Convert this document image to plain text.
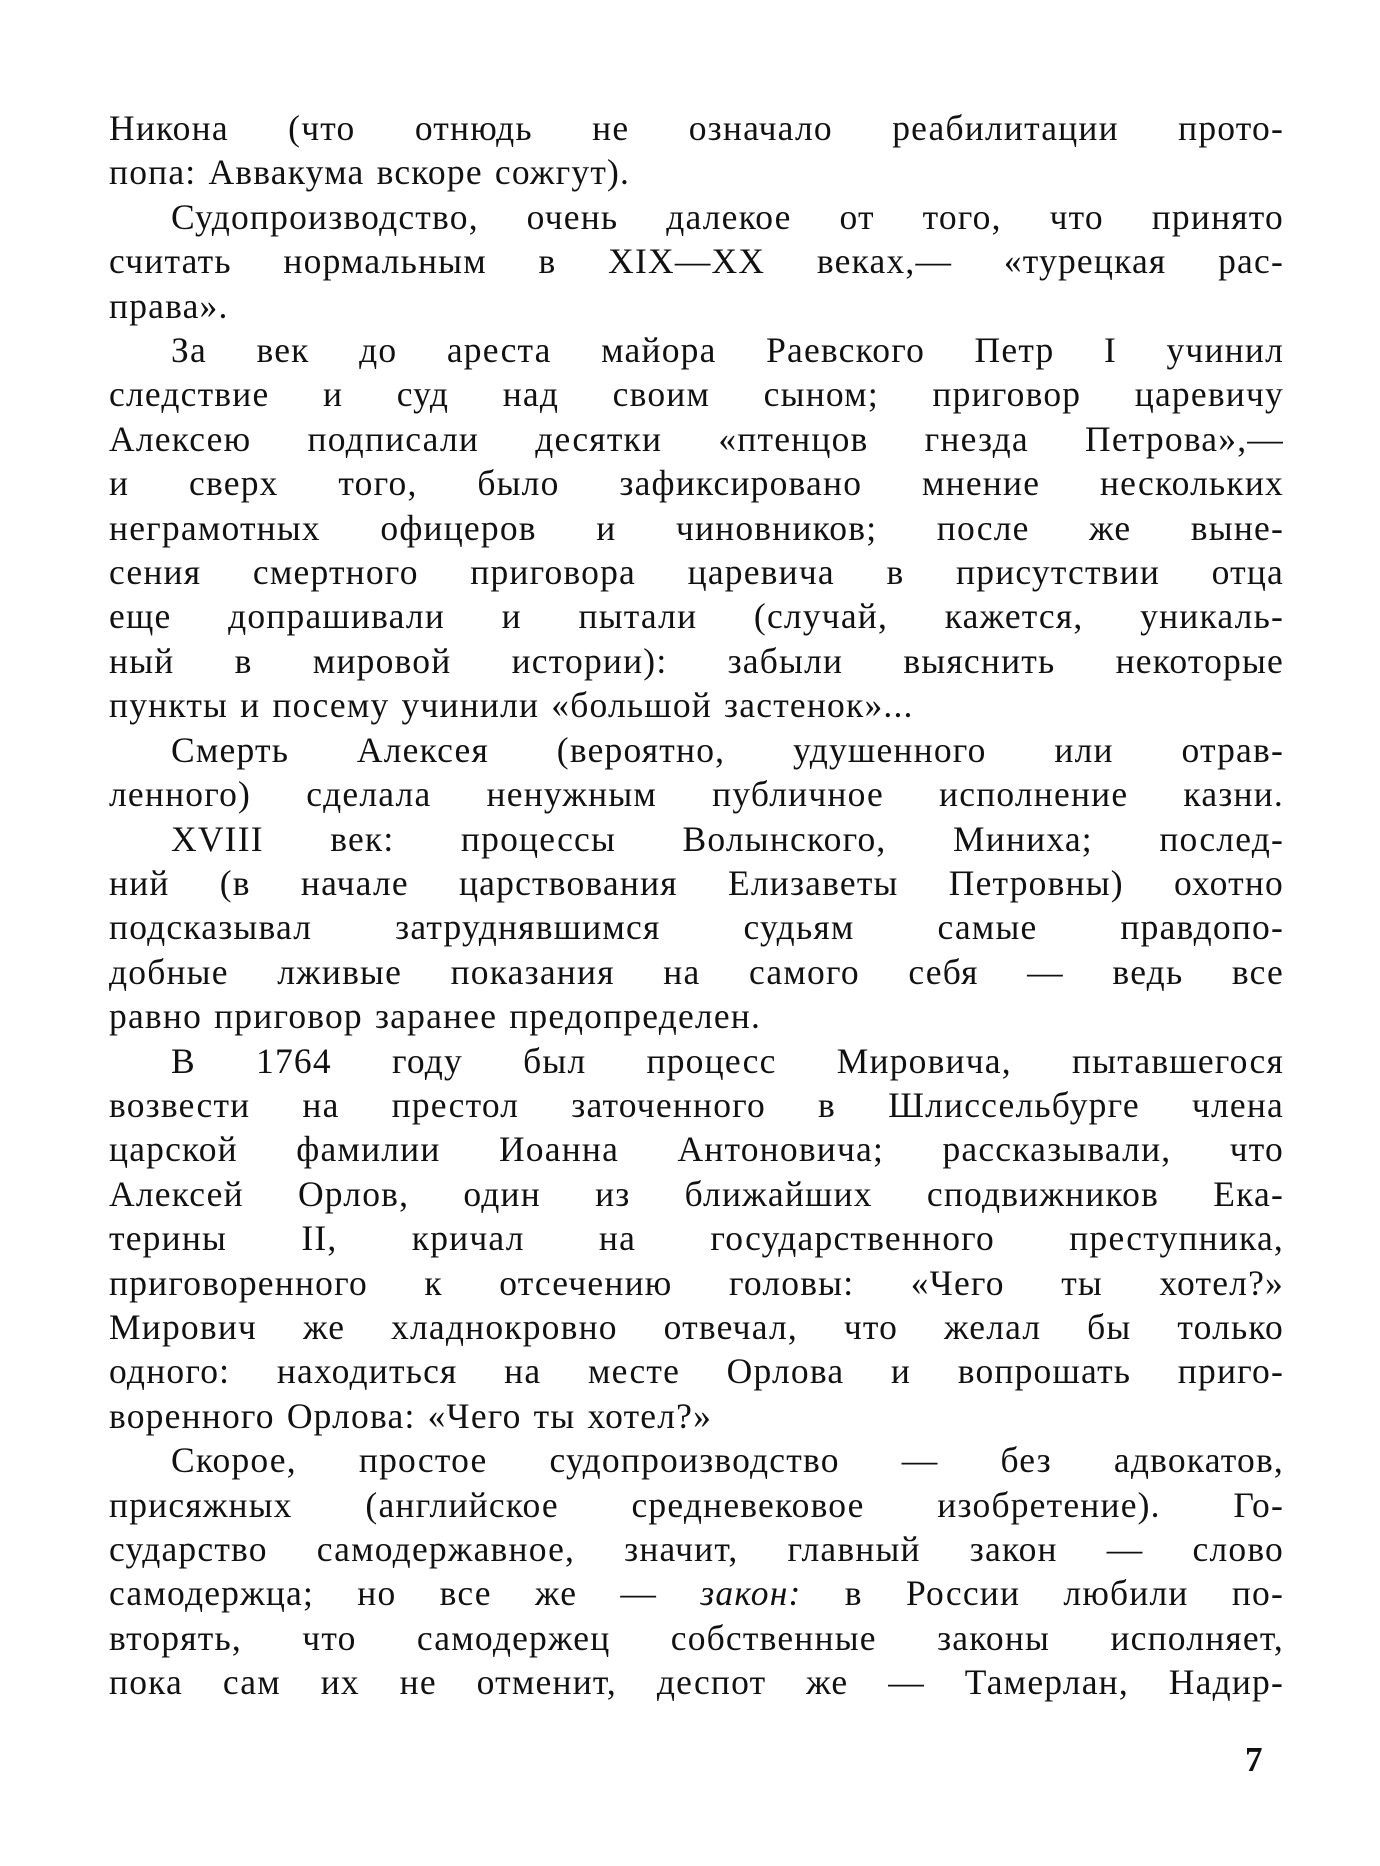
Никона (что отнюдь не означало реабилитации прото-
попа: Аввакума вскоре сожгут).
Судопроизводство, очень далекое от того, что принято
считать нормальным в XIX—XX веках,— «турецкая рас-
права».
За век до ареста майора Раевского Петр I учинил
следствие и суд над своим сыном; приговор царевичу
Алексею подписали десятки «птенцов гнезда Петрова»,—
и сверх того, было зафиксировано мнение нескольких
неграмотных офицеров и чиновников; после же выне-
сения смертного приговора царевича в присутствии отца
еще допрашивали и пытали (случай, кажется, уникаль-
ный в мировой истории): забыли выяснить некоторые
пункты и посему учинили «большой застенок»...
Смерть Алексея (вероятно, удушенного или отрав-
ленного) сделала ненужным публичное исполнение казни.
XVIII век: процессы Волынского, Миниха; послед-
ний (в начале царствования Елизаветы Петровны) охотно
подсказывал затруднявшимся судьям самые правдопо-
добные лживые показания на самого себя — ведь все
равно приговор заранее предопределен.
В 1764 году был процесс Мировича, пытавшегося
возвести на престол заточенного в Шлиссельбурге члена
царской фамилии Иоанна Антоновича; рассказывали, что
Алексей Орлов, один из ближайших сподвижников Ека-
терины II, кричал на государственного преступника,
приговоренного к отсечению головы: «Чего ты хотел?»
Мирович же хладнокровно отвечал, что желал бы только
одного: находиться на месте Орлова и вопрошать приго-
воренного Орлова: «Чего ты хотел?»
Скорое, простое судопроизводство — без адвокатов,
присяжных (английское средневековое изобретение). Го-
сударство самодержавное, значит, главный закон — слово
самодержца; но все же — закон: в России любили по-
вторять, что самодержец собственные законы исполняет,
пока сам их не отменит, деспот же — Тамерлан, Надир-
7
